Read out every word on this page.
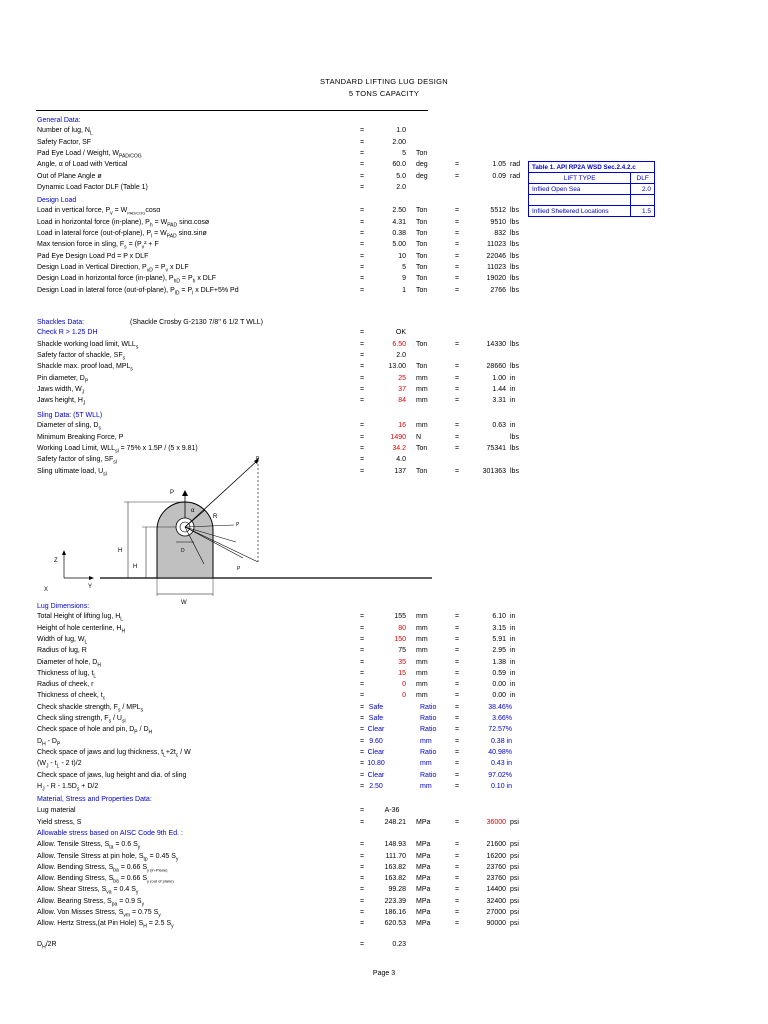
STANDARD LIFTING LUG DESIGN
5 TONS CAPACITY
Table 1. API RP2A WSD Sec.2.4.2.c	
LIFT TYPE	DLF
Inflied Open Sea	2.0

Inflied Sheltered Locations	1.5
General Data:
Number of lug, $N_L$	=	1.0
Safety Factor, SF	=	2.00
Pad Eye Load / Weight, $W_{PAD/COG}$	=	5 Ton
Angle, α of Load with Vertical	=	60.0 deg	=	1.05 rad
Out of Plane Angle ø	=	5.0 deg	=	0.09 rad
Dynamic Load Factor DLF (Table 1)	=	2.0
Design Load
Load in vertical force, $P_v = W_{PAD/COG}\cos\alpha$	=	2.50 Ton	=	5512 lbs
Load in horizontal force (in-plane), $P_h = W_{PAD}$ sinα.cosø	=	4.31 Ton	=	9510 lbs
Load in lateral force (out-of-plane), $P_l = W_{PAD}$ sinα.sinø	=	0.38 Ton	=	832 lbs
Max tension force in sling, $F_s = (P_v^2 + F$	=	5.00 Ton	=	11023 lbs
Pad Eye Design Load Pd = P x DLF	=	10 Ton	=	22046 lbs
Design Load in Vertical Direction, $P_{vD} = P_v$ x DLF	=	5 Ton	=	11023 lbs
Design Load in horizontal force (in-plane), $P_{hD} = P_h$ x DLF	=	9 Ton	=	19020 lbs
Design Load in lateral force (out-of-plane), $P_{lD} = P_l$ x DLF+5% Pd	=	1 Ton	=	2766 lbs
Shackles Data:	(Shackle Crosby G-2130 7/8" 6 1/2 T WLL)
Check R > 1.25 DH	=	OK
Shackle working load limit, $WLL_s$	=	6.50 Ton	=	14330 lbs
Safety factor of shackle, $SF_s$	=	2.0
Shackle max. proof load, $MPL_s$	=	13.00 Ton	=	28660 lbs
Pin diameter, $D_P$	=	25 mm	=	1.00 in
Jaws width, $W_J$	=	37 mm	=	1.44 in
Jaws height, $H_J$	=	84 mm	=	3.31 in
Sling Data: (5T WLL)
Diameter of sling, $D_s$	=	16 mm	=	0.63 in
Minimum Breaking Force, P	=	1490 N	=	lbs
Working Load Limit, $WLL_{sl} = 75\%$ x 1.5P / (5 x 9.81)	=	34.2 Ton	=	75341 lbs
Safety factor of sling, $SF_{sl}$	=	4.0
Sling ultimate load, $U_{sl}$	=	137 Ton	=	301363 lbs
Lug Dimensions:
Total Height of lifting lug, $H_L$	=	155 mm	=	6.10 in
Height of hole centerline, $H_H$	=	80 mm	=	3.15 in
Width of lug, $W_L$	=	150 mm	=	5.91 in
Radius of lug, R	=	75 mm	=	2.95 in
Diameter of hole, $D_H$	=	35 mm	=	1.38 in
Thickness of lug, $t_L$	=	15 mm	=	0.59 in
Radius of cheek, r	=	0 mm	=	0.00 in
Thickness of cheek, $t_c$	=	0 mm	=	0.00 in
Check shackle strength, $F_s / MPL_s$	= Safe	Ratio	=	38.46%
Check sling strength, $F_s / U_{sl}$	= Safe	Ratio	=	3.66%
Check space of hole and pin, $D_P / D_H$	= Clear	Ratio	=	72.57%
$D_H - D_P$	= 9.60	mm	=	0.38 in
Check space of jaws and lug thickness, $t_L+2t_c / W$	= Clear	Ratio	=	40.98%
($W_J - t_L - 2$ t)/2	= 10.80	mm	=	0.43 in
Check space of jaws, lug height and dia. of sling	= Clear	Ratio	=	97.02%
$H_J - R - 1.5D_s + D/2$	= 2.50	mm	=	0.10 in
Material, Stress and Properties Data:
Lug material	=	A-36
Yield stress, S	=	248.21 MPa	=	36000 psi
Allowable stress based on AISC Code 9th Ed. :
Allow. Tensile Stress, $S_{ta} = 0.6$ $S_y$	=	148.93 MPa	=	21600 psi
Allow. Tensile Stress at pin hole, $S_{tp} = 0.45$ $S_y$	=	111.70 MPa	=	16200 psi
Allow. Bending Stress, $S_{ba} = 0.66$ $S_{y (in-Plane)}$	=	163.82 MPa	=	23760 psi
Allow. Bending Stress, $S_{ba} = 0.66$ $S_{y (out of plane)}$	=	163.82 MPa	=	23760 psi
Allow. Shear Stress, $S_{va} = 0.4$ $S_y$	=	99.28 MPa	=	14400 psi
Allow. Bearing Stress, $S_{pa} = 0.9$ $S_y$	=	223.39 MPa	=	32400 psi
Allow. Von Misses Stress, $S_{vm} = 0.75$ $S_y$	=	186.16 MPa	=	27000 psi
Allow. Hertz Stress,(at Pin Hole) $S_H = 2.5$ $S_y$	=	620.53 MPa	=	90000 psi
$D_H/2R$	=	0.23
P
α
R
P
P
P
D
H
H
W
Z
Y
X
Page 3
